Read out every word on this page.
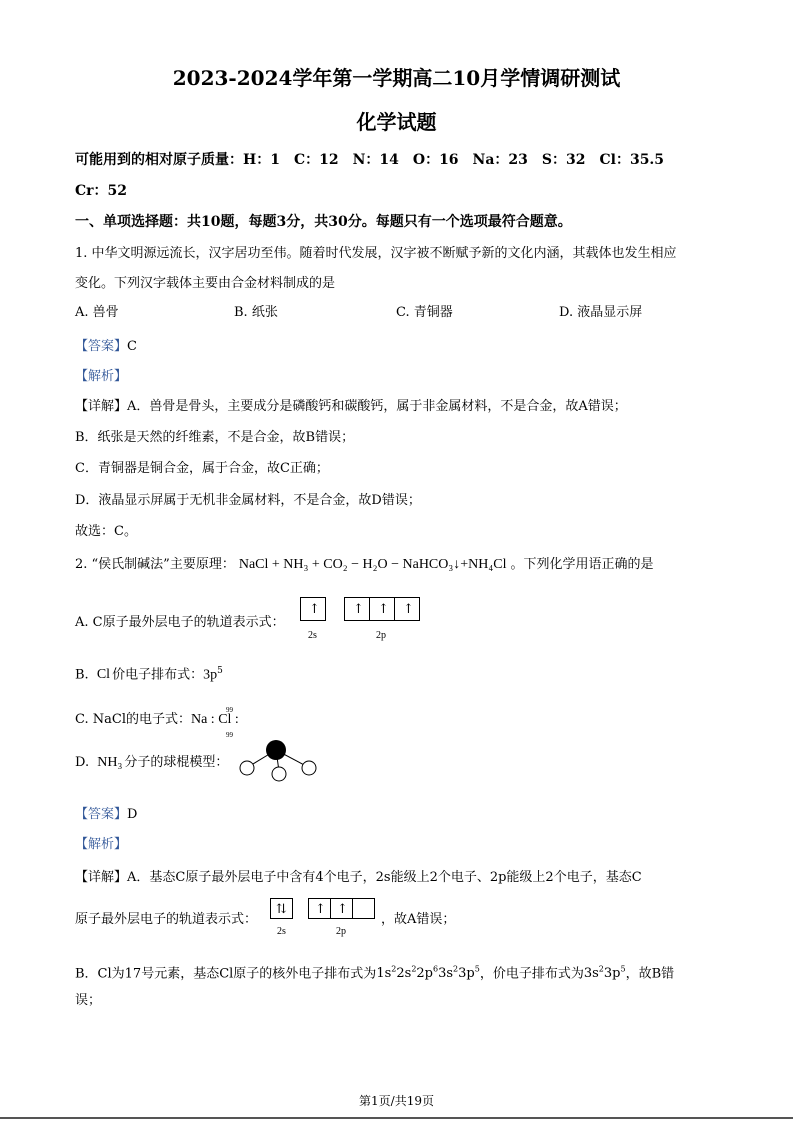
2023-2024学年第一学期高二10月学情调研测试
化学试题
可能用到的相对原子质量：H：1　C：12　N：14　O：16　Na：23　S：32　Cl：35.5
Cr：52
一、单项选择题：共10题，每题3分，共30分。每题只有一个选项最符合题意。
1. 中华文明源远流长，汉字居功至伟。随着时代发展，汉字被不断赋予新的文化内涵，其载体也发生相应
变化。下列汉字载体主要由合金材料制成的是
A. 兽骨	B. 纸张	C. 青铜器	D. 液晶显示屏
【答案】C
【解析】
【详解】A．兽骨是骨头，主要成分是磷酸钙和碳酸钙，属于非金属材料，不是合金，故A错误；
B．纸张是天然的纤维素，不是合金，故B错误；
C．青铜器是铜合金，属于合金，故C正确；
D．液晶显示屏属于无机非金属材料，不是合金，故D错误；
故选：C。
2. “侯氏制碱法”主要原理： NaCl + NH₃ + CO₂ − H₂O − NaHCO₃↓+NH₄Cl 。下列化学用语正确的是
A. C原子最外层电子的轨道表示式：
↑	↑ ↑ ↑
2s	2p
B. Cl 价电子排布式：$3p^5$
C. NaCl的电子式：Na : Cl :
99
99
D. NH₃ 分子的球棍模型：
【答案】D
【解析】
【详解】A．基态C原子最外层电子中含有4个电子，2s能级上2个电子、2p能级上2个电子，基态C
原子最外层电子的轨道表示式：	，故A错误；
⇅ ↑ ↑
2s	2p
B．Cl为17号元素，基态Cl原子的核外电子排布式为$1s^22s^22p^63s^23p^5$，价电子排布式为$3s^23p^5$，故B错
误；
第1页/共19页
